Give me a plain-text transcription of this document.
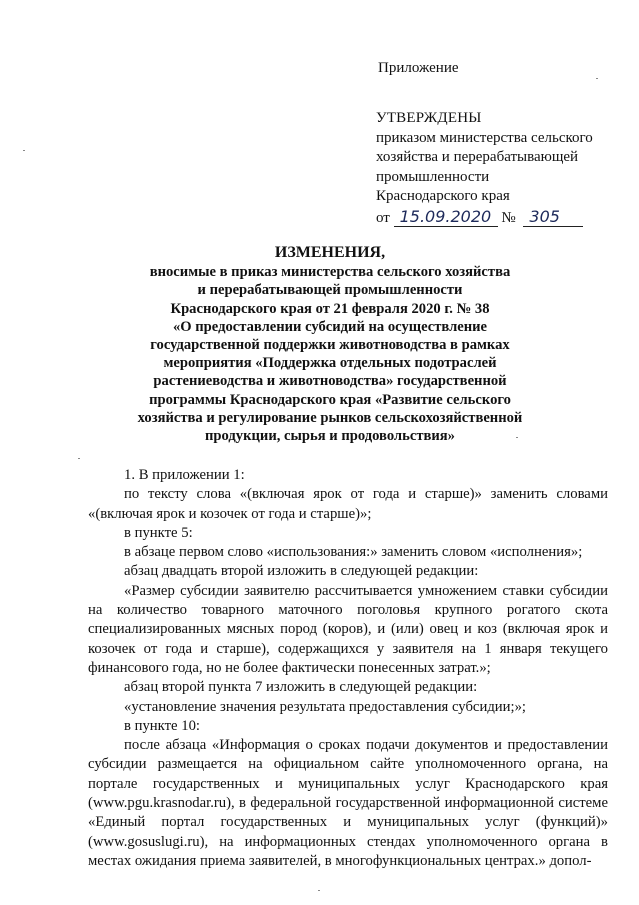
Приложение
УТВЕРЖДЕНЫ
приказом министерства сельского
хозяйства и перерабатывающей
промышленности
Краснодарского края
от 15.09.2020 № 305
ИЗМЕНЕНИЯ,
вносимые в приказ министерства сельского хозяйства
и перерабатывающей промышленности
Краснодарского края от 21 февраля 2020 г. № 38
«О предоставлении субсидий на осуществление
государственной поддержки животноводства в рамках
мероприятия «Поддержка отдельных подотраслей
растениеводства и животноводства» государственной
программы Краснодарского края «Развитие сельского
хозяйства и регулирование рынков сельскохозяйственной
продукции, сырья и продовольствия»

1. В приложении 1:

по тексту слова «(включая ярок от года и старше)» заменить словами «(включая ярок и козочек от года и старше)»;

в пункте 5:

в абзаце первом слово «использования:» заменить словом «исполнения»;

абзац двадцать второй изложить в следующей редакции:

«Размер субсидии заявителю рассчитывается умножением ставки субсидии на количество товарного маточного поголовья крупного рогатого скота специализированных мясных пород (коров), и (или) овец и коз (включая ярок и козочек от года и старше), содержащихся у заявителя на 1 января текущего финансового года, но не более фактически понесенных затрат.»;

абзац второй пункта 7 изложить в следующей редакции:

«установление значения результата предоставления субсидии;»;

в пункте 10:

после абзаца «Информация о сроках подачи документов и предоставлении субсидии размещается на официальном сайте уполномоченного органа, на портале государственных и муниципальных услуг Краснодарского края (www.pgu.krasnodar.ru), в федеральной государственной информационной системе «Единый портал государственных и муниципальных услуг (функций)» (www.gosuslugi.ru), на информационных стендах уполномоченного органа в местах ожидания приема заявителей, в многофункциональных центрах.» допол-
